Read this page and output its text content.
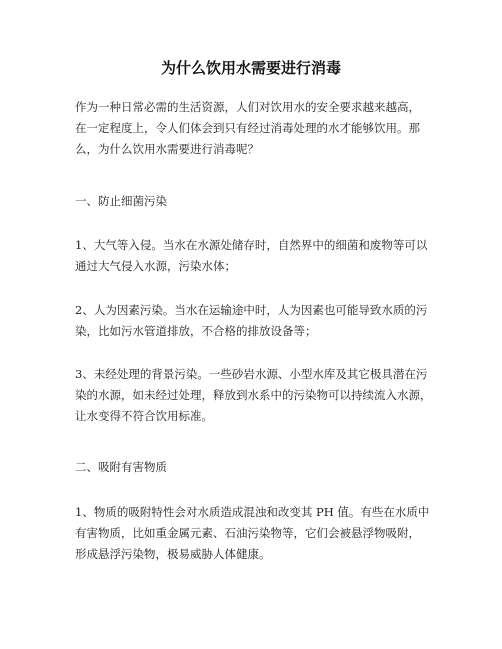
为什么饮用水需要进行消毒
作为一种日常必需的生活资源，人们对饮用水的安全要求越来越高，
在一定程度上，令人们体会到只有经过消毒处理的水才能够饮用。那
么，为什么饮用水需要进行消毒呢？
一、防止细菌污染
1、大气等入侵。当水在水源处储存时，自然界中的细菌和废物等可以
通过大气侵入水源，污染水体；
2、人为因素污染。当水在运输途中时，人为因素也可能导致水质的污
染，比如污水管道排放，不合格的排放设备等；
3、未经处理的背景污染。一些砂岩水源、小型水库及其它极具潜在污
染的水源，如未经过处理，释放到水系中的污染物可以持续流入水源，
让水变得不符合饮用标准。
二、吸附有害物质
1、物质的吸附特性会对水质造成混浊和改变其 PH 值。有些在水质中
有害物质，比如重金属元素、石油污染物等，它们会被悬浮物吸附，
形成悬浮污染物，极易威胁人体健康。
